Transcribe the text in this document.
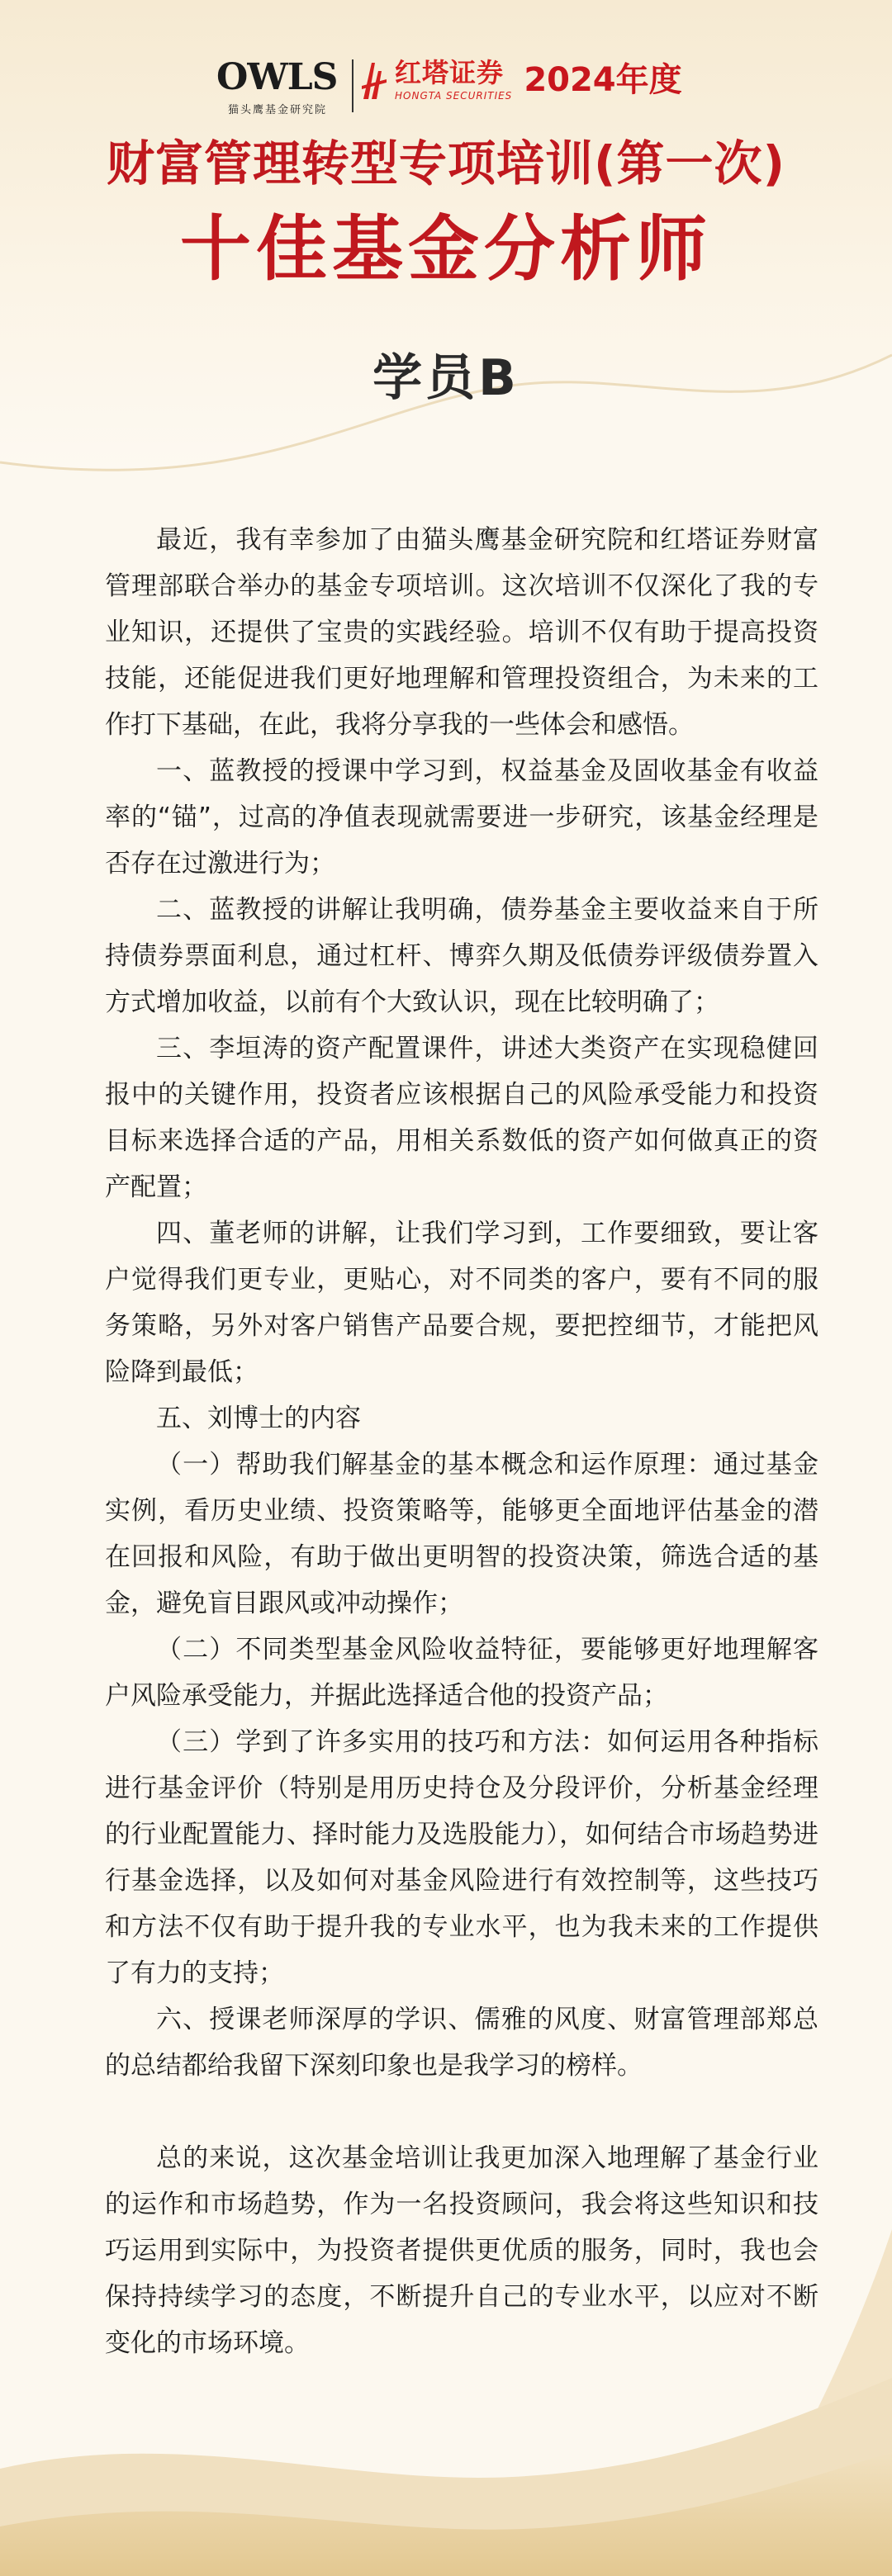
OWLS
猫头鹰基金研究院
红塔证券
HONGTA SECURITIES 2024年度
财富管理转型专项培训(第一次)
十佳基金分析师
学员B

最近，我有幸参加了由猫头鹰基金研究院和红塔证券财富管理部联合举办的基金专项培训。这次培训不仅深化了我的专业知识，还提供了宝贵的实践经验。培训不仅有助于提高投资技能，还能促进我们更好地理解和管理投资组合，为未来的工作打下基础，在此，我将分享我的一些体会和感悟。

一、蓝教授的授课中学习到，权益基金及固收基金有收益率的“锚”，过高的净值表现就需要进一步研究，该基金经理是否存在过激进行为；

二、蓝教授的讲解让我明确，债券基金主要收益来自于所持债券票面利息，通过杠杆、博弈久期及低债券评级债券置入方式增加收益，以前有个大致认识，现在比较明确了；

三、李垣涛的资产配置课件，讲述大类资产在实现稳健回报中的关键作用，投资者应该根据自己的风险承受能力和投资目标来选择合适的产品，用相关系数低的资产如何做真正的资产配置；

四、董老师的讲解，让我们学习到，工作要细致，要让客户觉得我们更专业，更贴心，对不同类的客户，要有不同的服务策略，另外对客户销售产品要合规，要把控细节，才能把风险降到最低；

五、刘博士的内容

（一）帮助我们解基金的基本概念和运作原理：通过基金实例，看历史业绩、投资策略等，能够更全面地评估基金的潜在回报和风险，有助于做出更明智的投资决策，筛选合适的基金，避免盲目跟风或冲动操作；

（二）不同类型基金风险收益特征，要能够更好地理解客户风险承受能力，并据此选择适合他的投资产品；

（三）学到了许多实用的技巧和方法：如何运用各种指标进行基金评价（特别是用历史持仓及分段评价，分析基金经理的行业配置能力、择时能力及选股能力），如何结合市场趋势进行基金选择，以及如何对基金风险进行有效控制等，这些技巧和方法不仅有助于提升我的专业水平，也为我未来的工作提供了有力的支持；

六、授课老师深厚的学识、儒雅的风度、财富管理部郑总的总结都给我留下深刻印象也是我学习的榜样。

总的来说，这次基金培训让我更加深入地理解了基金行业的运作和市场趋势，作为一名投资顾问，我会将这些知识和技巧运用到实际中，为投资者提供更优质的服务，同时，我也会保持持续学习的态度，不断提升自己的专业水平，以应对不断变化的市场环境。
